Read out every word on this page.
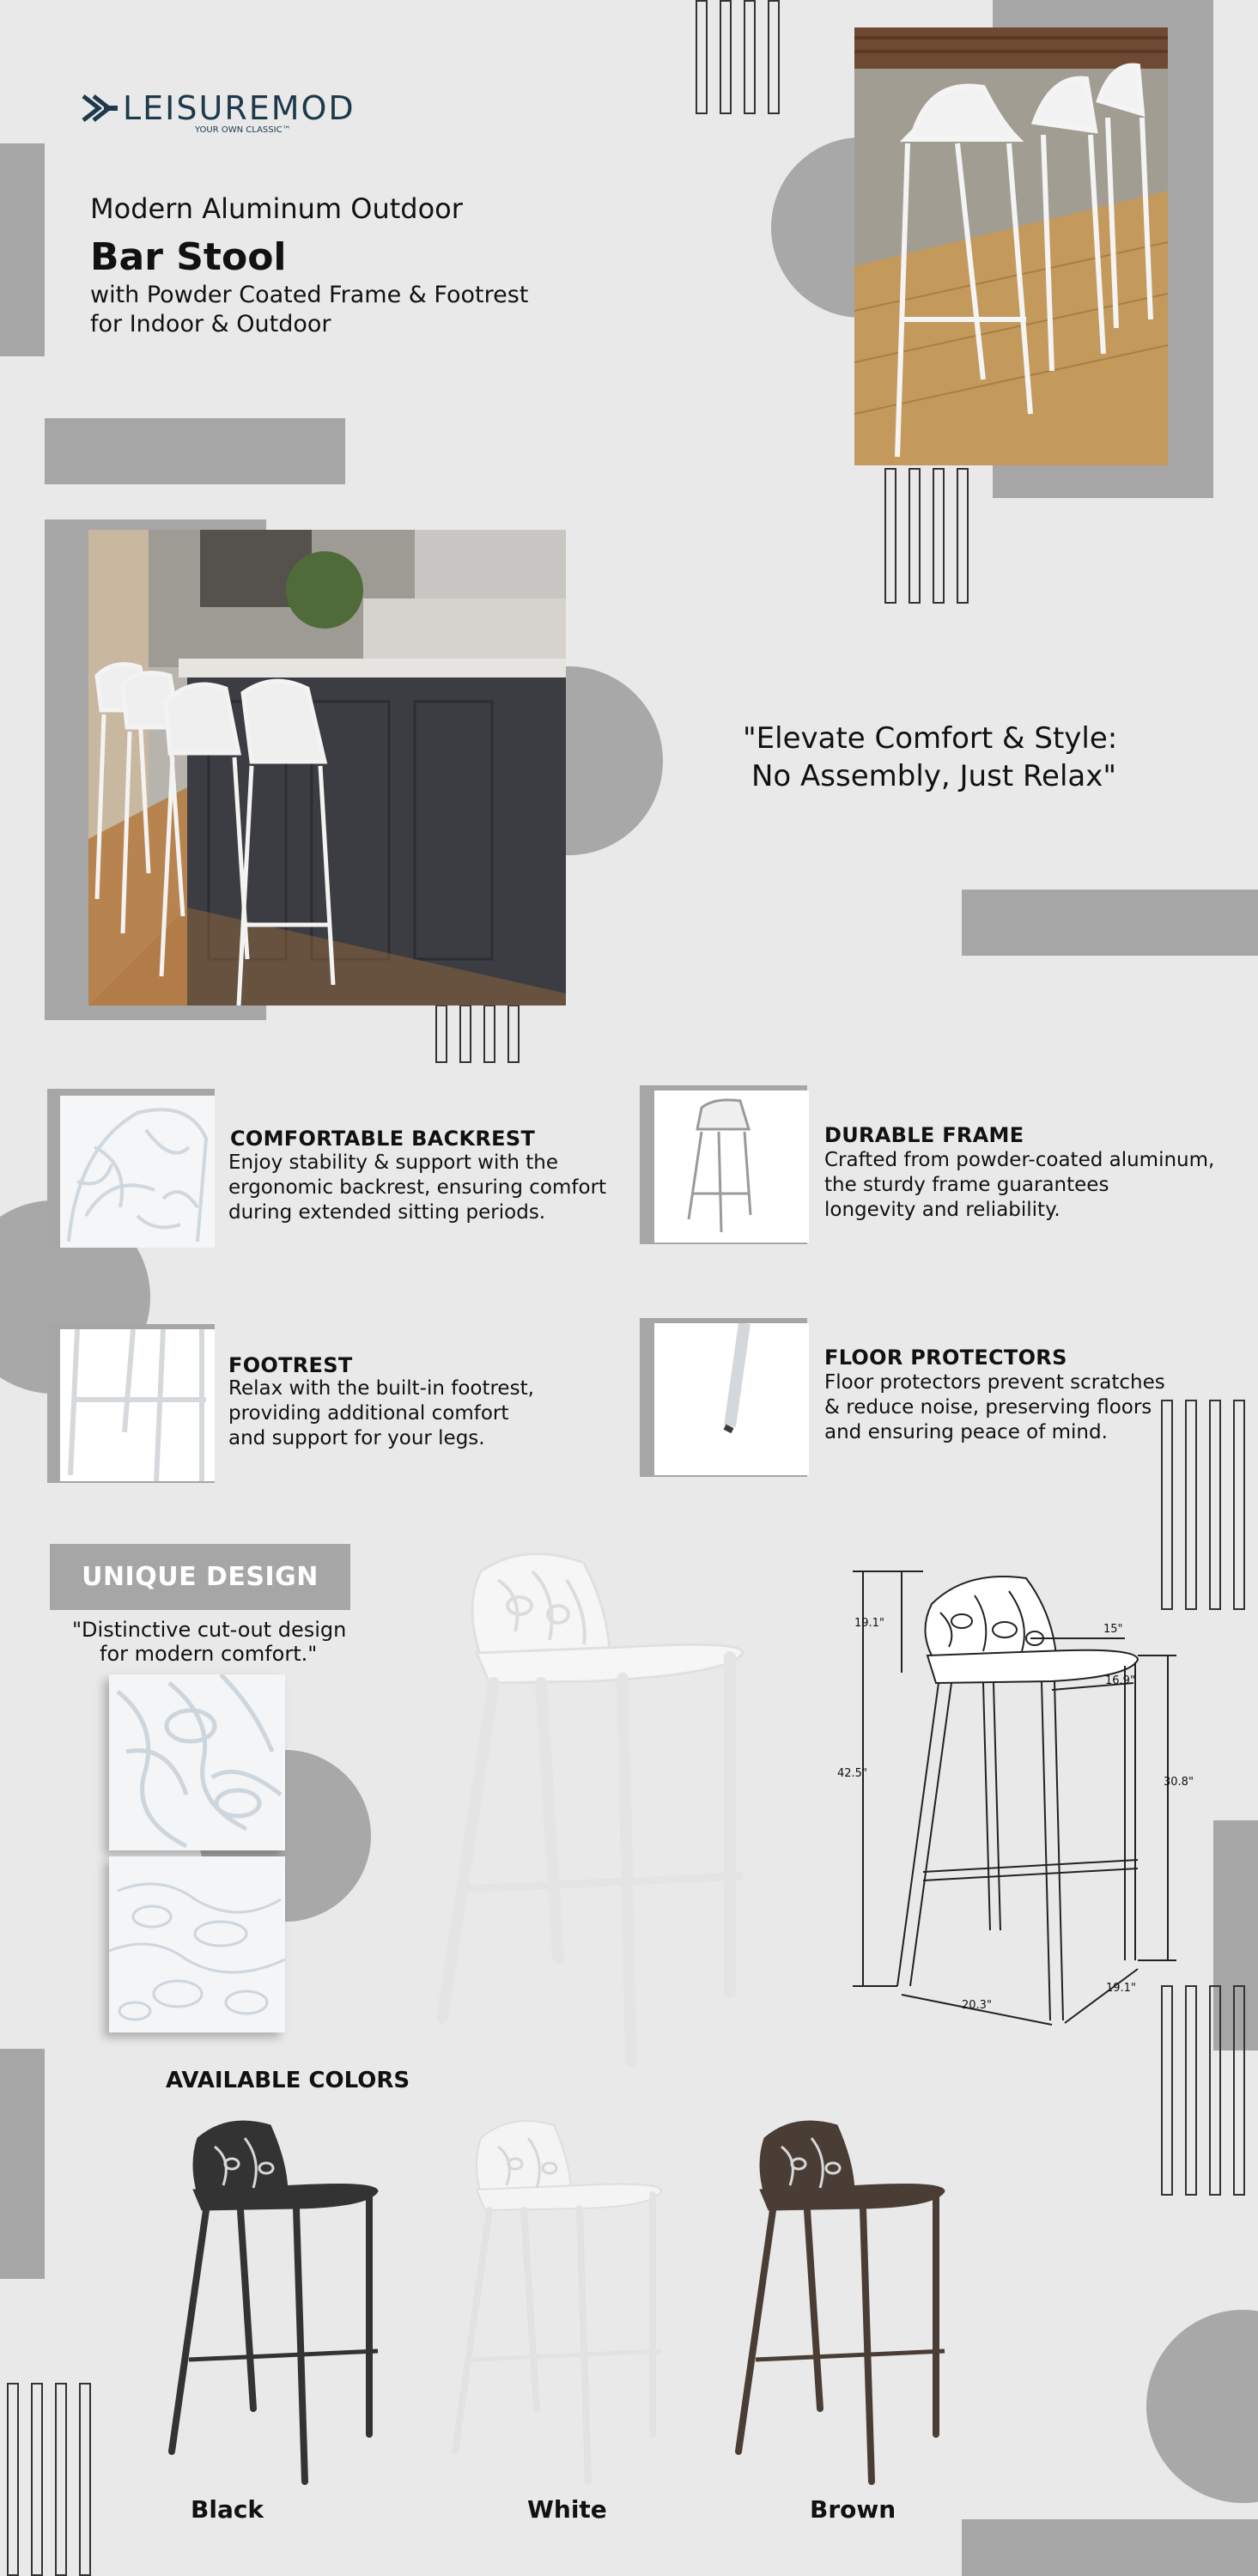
LEISUREMOD
YOUR OWN CLASSIC™
Modern Aluminum Outdoor
Bar Stool
with Powder Coated Frame & Footrest
for Indoor & Outdoor
"Elevate Comfort & Style:
No Assembly, Just Relax"
COMFORTABLE BACKREST
Enjoy stability & support with the
ergonomic backrest, ensuring comfort
during extended sitting periods.
DURABLE FRAME
Crafted from powder-coated aluminum,
the sturdy frame guarantees
longevity and reliability.
FOOTREST
Relax with the built-in footrest,
providing additional comfort
and support for your legs.
FLOOR PROTECTORS
Floor protectors prevent scratches
& reduce noise, preserving floors
and ensuring peace of mind.
UNIQUE DESIGN
"Distinctive cut-out design
for modern comfort."
19.1"	15"
16.9"
42.5"
30.8"
20.3"
19.1"
AVAILABLE COLORS
Black	White	Brown
